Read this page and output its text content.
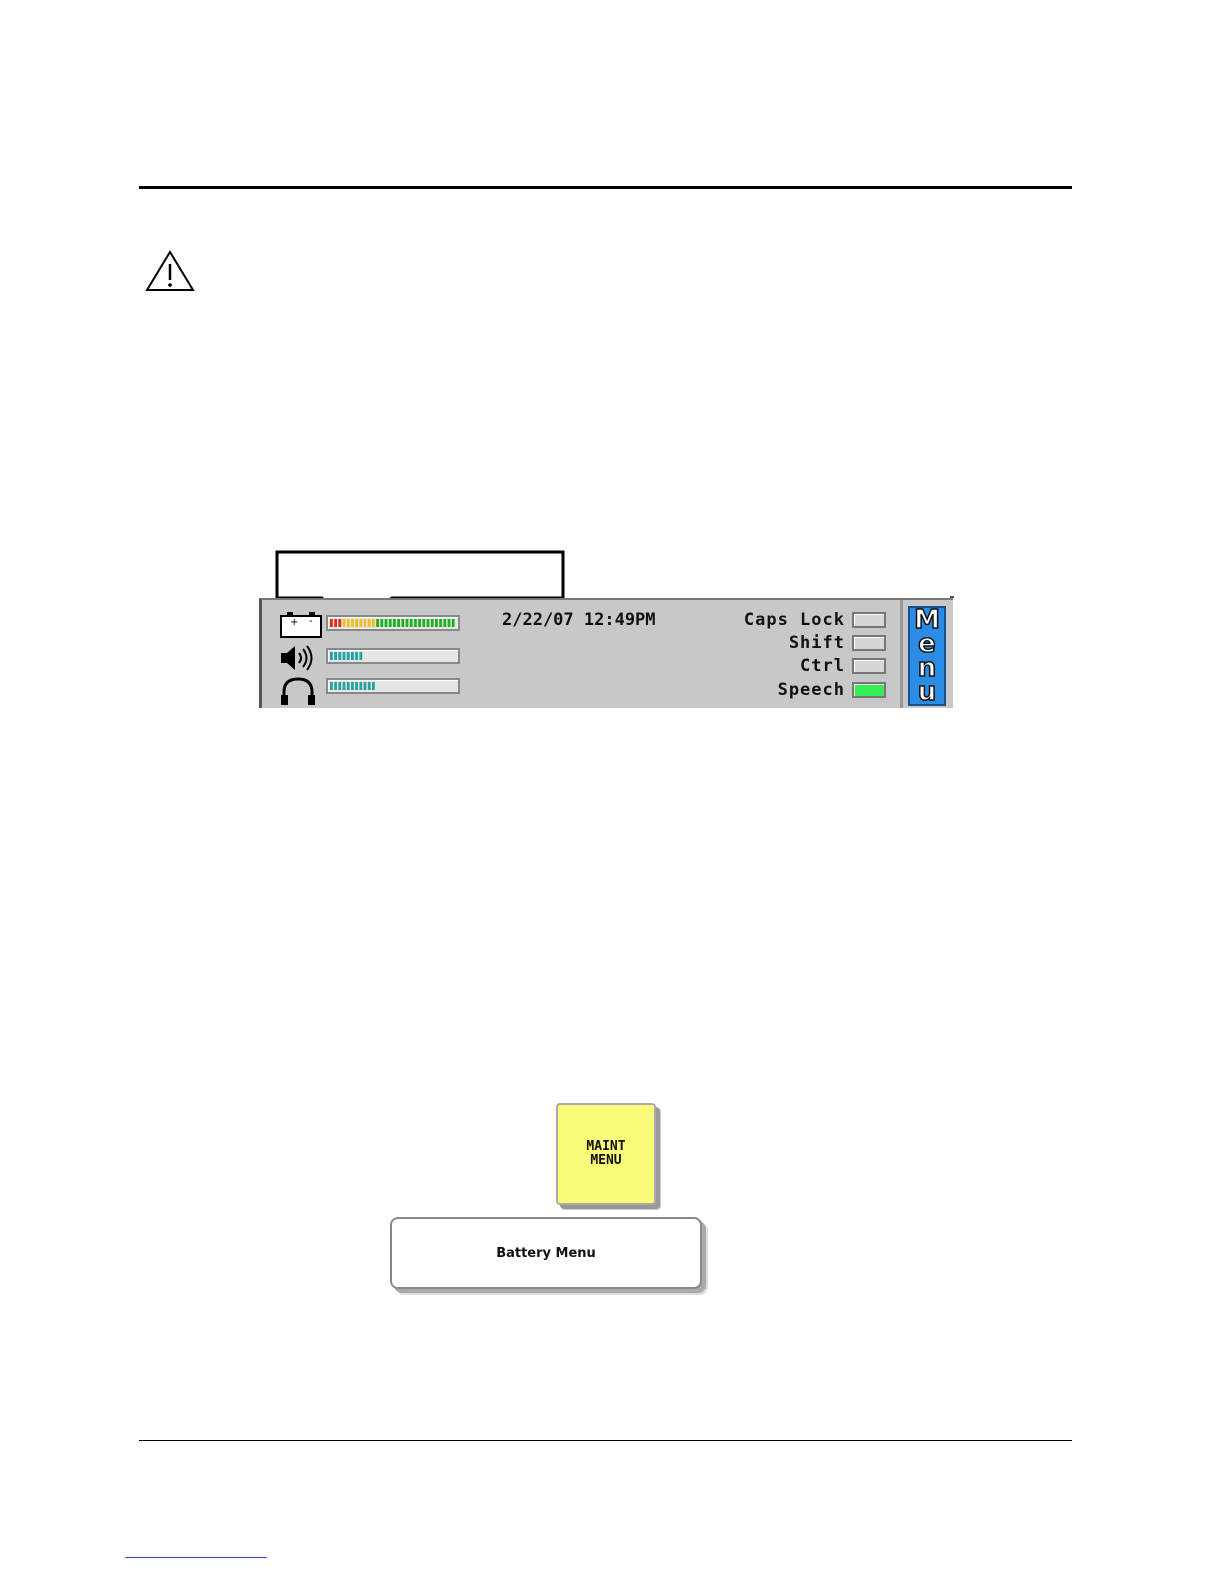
+ -	2/22/07 12:49PM	Caps Lock
Shift
Ctrl
Speech
M
e
n
u
MAINT
MENU
Battery Menu
